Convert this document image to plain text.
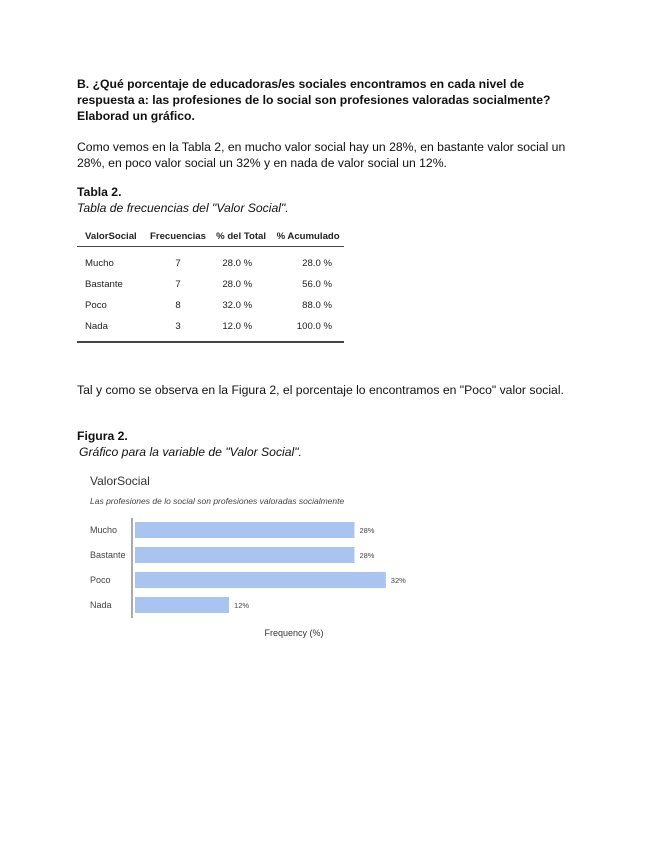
B. ¿Qué porcentaje de educadoras/es sociales encontramos en cada nivel de respuesta a: las profesiones de lo social son profesiones valoradas socialmente? Elaborad un gráfico.
Como vemos en la Tabla 2, en mucho valor social hay un 28%, en bastante valor social un 28%, en poco valor social un 32% y en nada de valor social un 12%.
Tabla 2.
Tabla de frecuencias del "Valor Social".
ValorSocial	Frecuencias	% del Total	% Acumulado
Mucho	7	28.0 %	28.0 %
Bastante	7	28.0 %	56.0 %
Poco	8	32.0 %	88.0 %
Nada	3	12.0 %	100.0 %
Tal y como se observa en la Figura 2, el porcentaje lo encontramos en "Poco" valor social.
Figura 2.
Gráfico para la variable de "Valor Social".
ValorSocial
Las profesiones de lo social son profesiones valoradas socialmente
Mucho	28%
Bastante	28%
Poco	32%
Nada	12%
Frequency (%)
